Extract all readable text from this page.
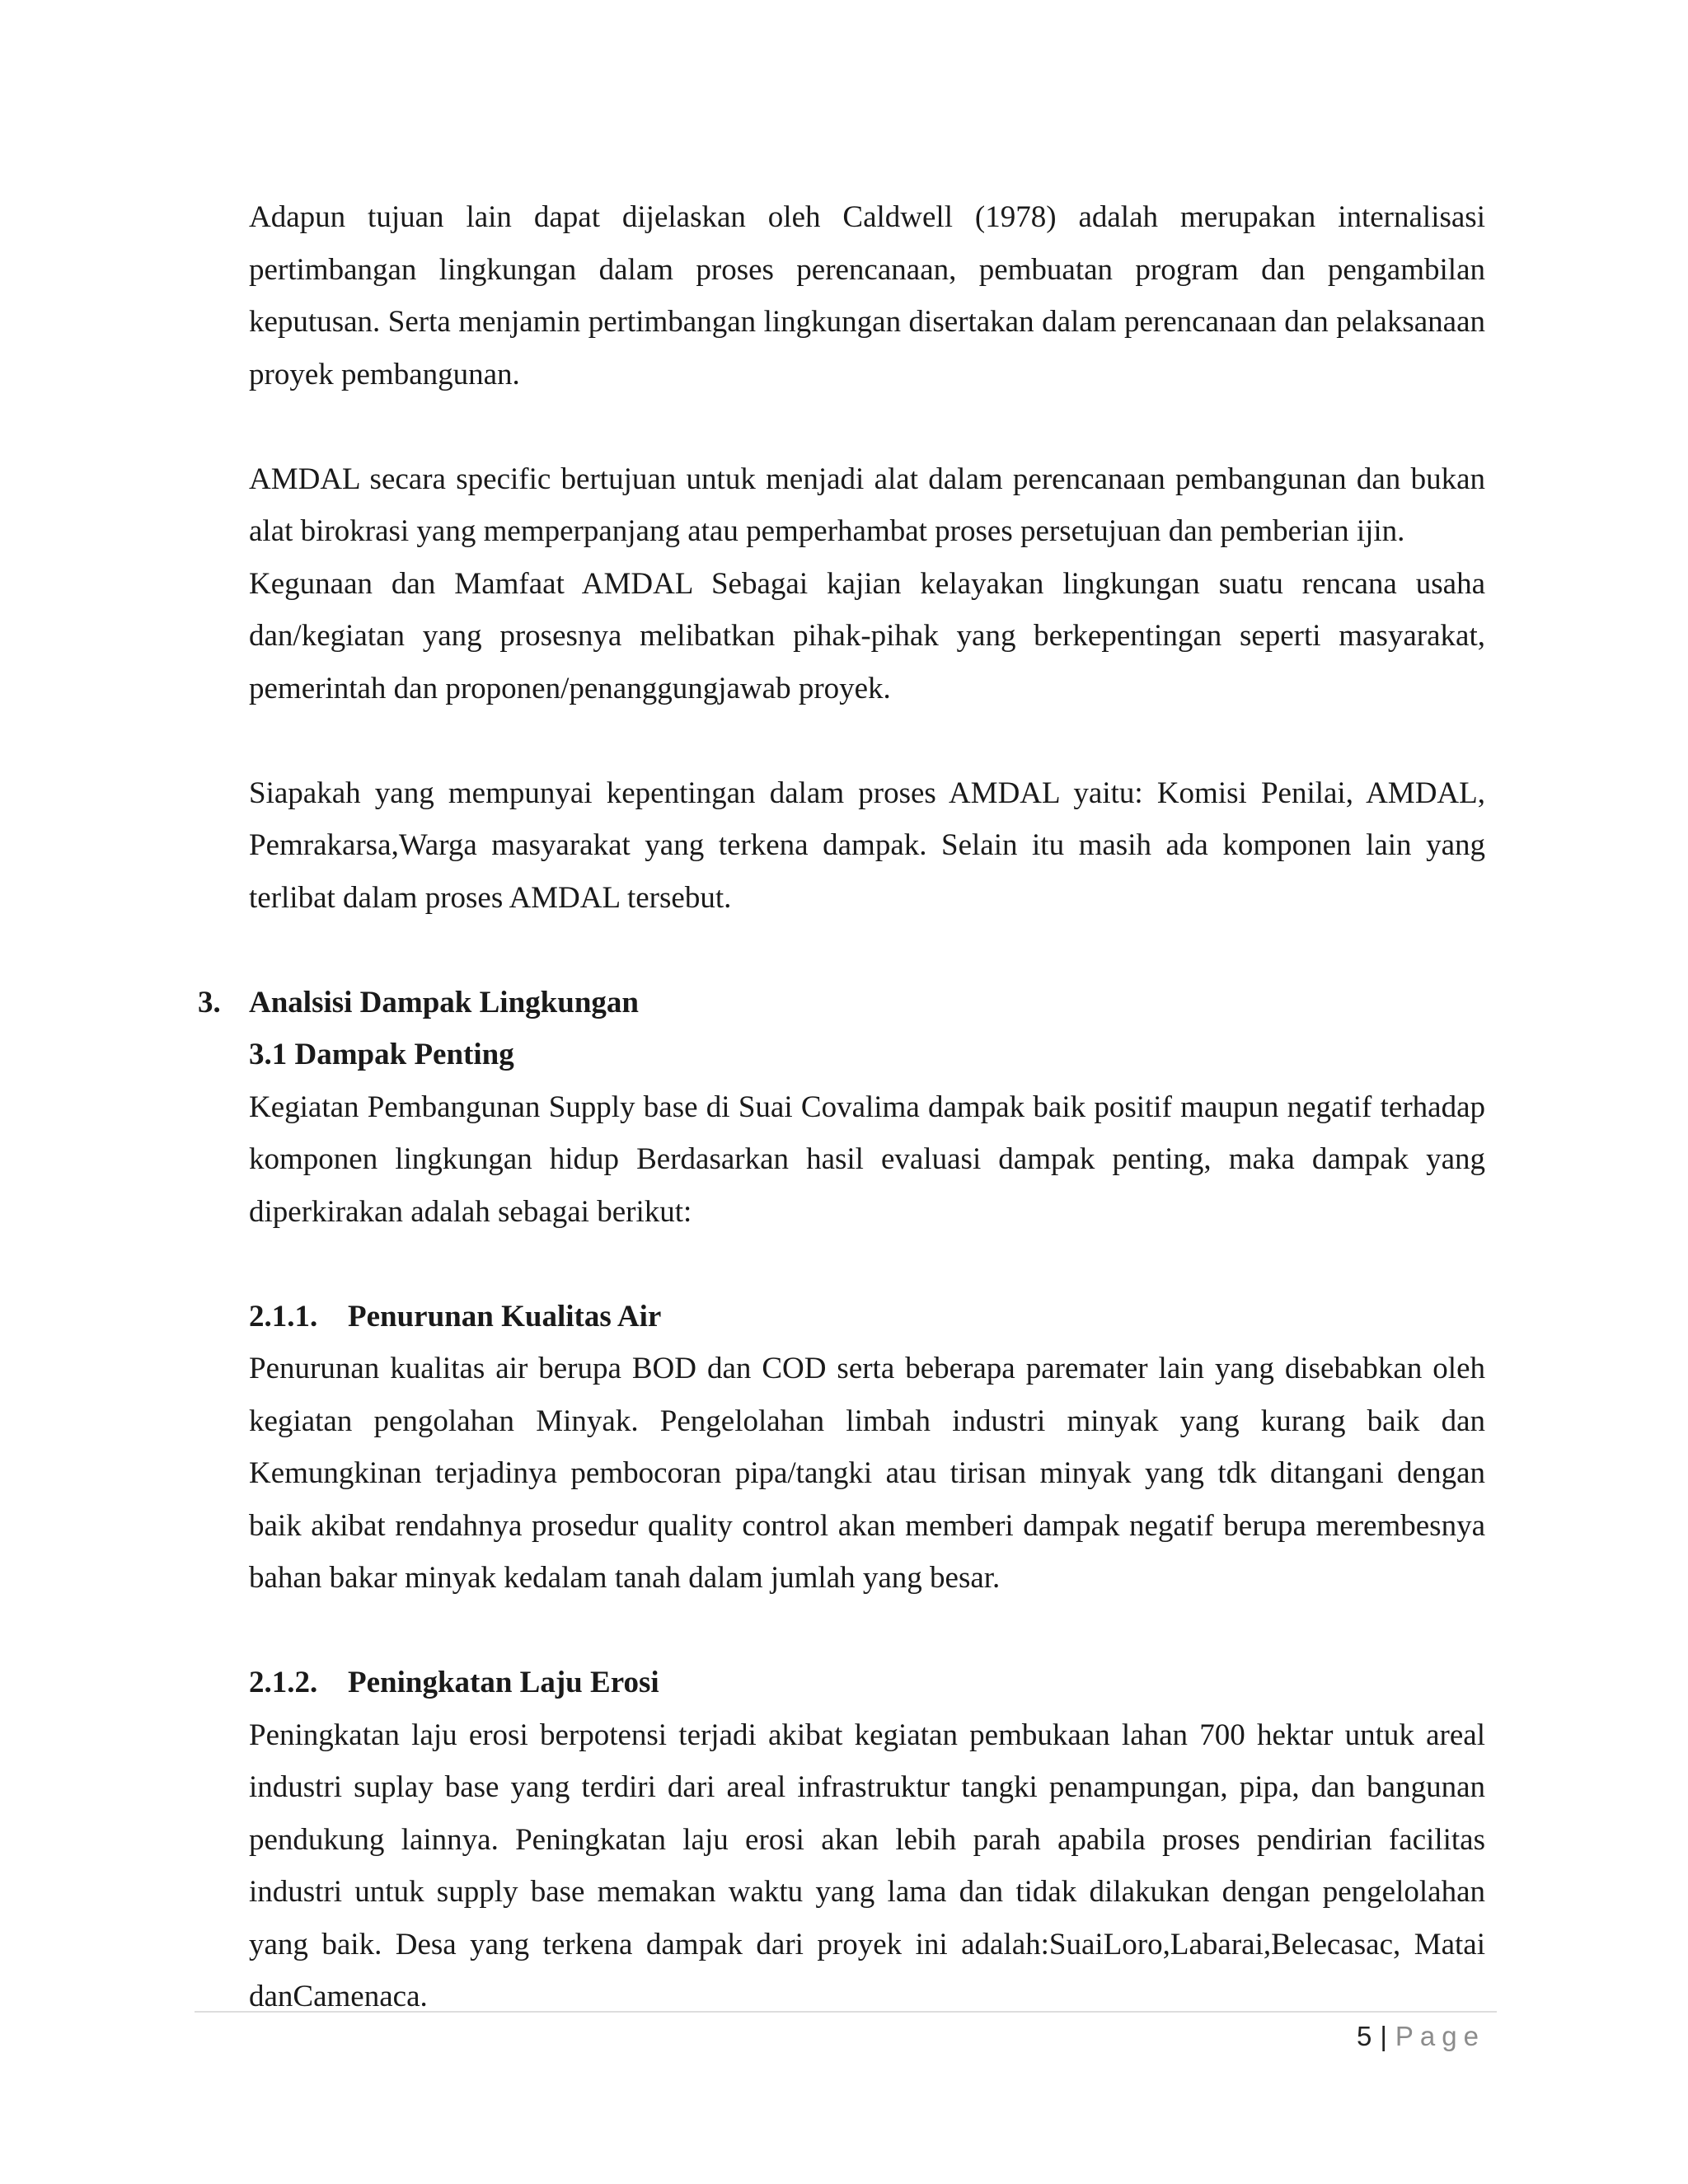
Adapun tujuan lain dapat dijelaskan oleh Caldwell (1978) adalah merupakan internalisasi pertimbangan lingkungan dalam proses perencanaan, pembuatan program dan pengambilan keputusan. Serta menjamin pertimbangan lingkungan disertakan dalam perencanaan dan pelaksanaan proyek pembangunan.

AMDAL secara specific bertujuan untuk menjadi alat dalam perencanaan pembangunan dan bukan alat birokrasi yang memperpanjang atau pemperhambat proses persetujuan dan pemberian ijin.

Kegunaan dan Mamfaat AMDAL Sebagai kajian kelayakan lingkungan suatu rencana usaha dan/kegiatan yang prosesnya melibatkan pihak-pihak yang berkepentingan seperti masyarakat, pemerintah dan proponen/penanggungjawab proyek.

Siapakah yang mempunyai kepentingan dalam proses AMDAL yaitu: Komisi Penilai, AMDAL, Pemrakarsa,Warga masyarakat yang terkena dampak. Selain itu masih ada komponen lain yang terlibat dalam proses AMDAL tersebut.

3. Analsisi Dampak Lingkungan
3.1 Dampak Penting

Kegiatan Pembangunan Supply base di Suai Covalima dampak baik positif maupun negatif terhadap komponen lingkungan hidup Berdasarkan hasil evaluasi dampak penting, maka dampak yang diperkirakan adalah sebagai berikut:

2.1.1. Penurunan Kualitas Air

Penurunan kualitas air berupa BOD dan COD serta beberapa paremater lain yang disebabkan oleh kegiatan pengolahan Minyak. Pengelolahan limbah industri minyak yang kurang baik dan Kemungkinan terjadinya pembocoran pipa/tangki atau tirisan minyak yang tdk ditangani dengan baik akibat rendahnya prosedur quality control akan memberi dampak negatif berupa merembesnya bahan bakar minyak kedalam tanah dalam jumlah yang besar.

2.1.2. Peningkatan Laju Erosi

Peningkatan laju erosi berpotensi terjadi akibat kegiatan pembukaan lahan 700 hektar untuk areal industri suplay base yang terdiri dari areal infrastruktur tangki penampungan, pipa, dan bangunan pendukung lainnya. Peningkatan laju erosi akan lebih parah apabila proses pendirian facilitas industri untuk supply base memakan waktu yang lama dan tidak dilakukan dengan pengelolahan yang baik. Desa yang terkena dampak dari proyek ini adalah:SuaiLoro,Labarai,Belecasac, Matai danCamenaca.

5 | Page
